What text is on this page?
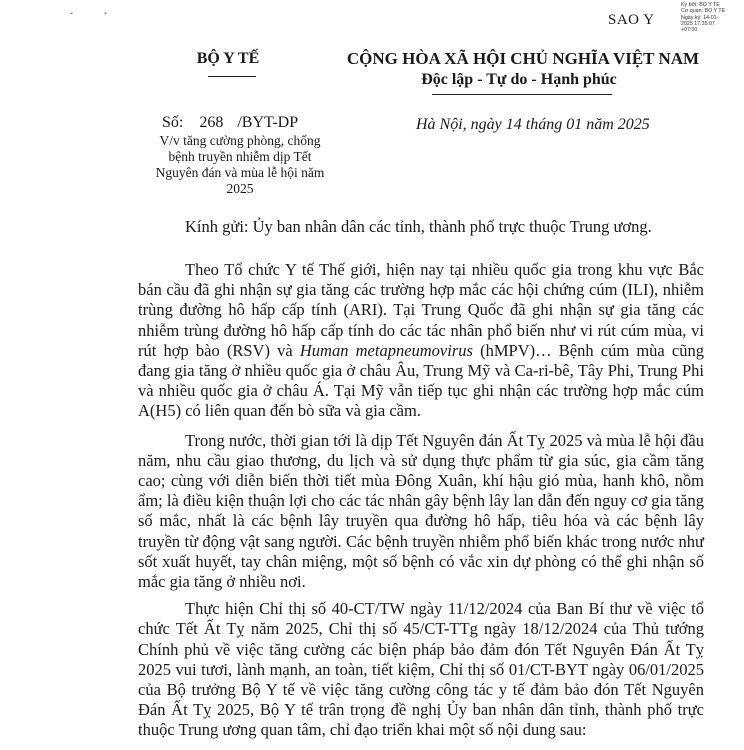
ˇ	*	SAO Y
Ký bởi: BỘ Y TẾ
Cơ quan: BỘ Y TẾ
Ngày ký: 14-01-
2025 17:35:07
+07:00
BỘ Y TẾ	CỘNG HÒA XÃ HỘI CHỦ NGHĨA VIỆT NAM
Độc lập - Tự do - Hạnh phúc
Số: 268 /BYT-DP
V/v tăng cường phòng, chống bệnh truyền nhiễm dịp Tết Nguyên đán và mùa lễ hội năm 2025
Hà Nội, ngày 14 tháng 01 năm 2025
Kính gửi: Ủy ban nhân dân các tỉnh, thành phố trực thuộc Trung ương.

Theo Tổ chức Y tế Thế giới, hiện nay tại nhiều quốc gia trong khu vực Bắc bán cầu đã ghi nhận sự gia tăng các trường hợp mắc các hội chứng cúm (ILI), nhiễm trùng đường hô hấp cấp tính (ARI). Tại Trung Quốc đã ghi nhận sự gia tăng các nhiễm trùng đường hô hấp cấp tính do các tác nhân phổ biến như vi rút cúm mùa, vi rút hợp bào (RSV) và Human metapneumovirus (hMPV)… Bệnh cúm mùa cũng đang gia tăng ở nhiều quốc gia ở châu Âu, Trung Mỹ và Ca-ri-bê, Tây Phi, Trung Phi và nhiều quốc gia ở châu Á. Tại Mỹ vẫn tiếp tục ghi nhận các trường hợp mắc cúm A(H5) có liên quan đến bò sữa và gia cầm.

Trong nước, thời gian tới là dịp Tết Nguyên đán Ất Tỵ 2025 và mùa lễ hội đầu năm, nhu cầu giao thương, du lịch và sử dụng thực phẩm từ gia súc, gia cầm tăng cao; cùng với diễn biến thời tiết mùa Đông Xuân, khí hậu gió mùa, hanh khô, nồm ẩm; là điều kiện thuận lợi cho các tác nhân gây bệnh lây lan dẫn đến nguy cơ gia tăng số mắc, nhất là các bệnh lây truyền qua đường hô hấp, tiêu hóa và các bệnh lây truyền từ động vật sang người. Các bệnh truyền nhiễm phổ biến khác trong nước như sốt xuất huyết, tay chân miệng, một số bệnh có vắc xin dự phòng có thể ghi nhận số mắc gia tăng ở nhiều nơi.

Thực hiện Chỉ thị số 40-CT/TW ngày 11/12/2024 của Ban Bí thư về việc tổ chức Tết Ất Tỵ năm 2025, Chỉ thị số 45/CT-TTg ngày 18/12/2024 của Thủ tướng Chính phủ về việc tăng cường các biện pháp bảo đảm đón Tết Nguyên Đán Ất Tỵ 2025 vui tươi, lành mạnh, an toàn, tiết kiệm, Chỉ thị số 01/CT-BYT ngày 06/01/2025 của Bộ trưởng Bộ Y tế về việc tăng cường công tác y tế đảm bảo đón Tết Nguyên Đán Ất Tỵ 2025, Bộ Y tế trân trọng đề nghị Ủy ban nhân dân tỉnh, thành phố trực thuộc Trung ương quan tâm, chỉ đạo triển khai một số nội dung sau:
